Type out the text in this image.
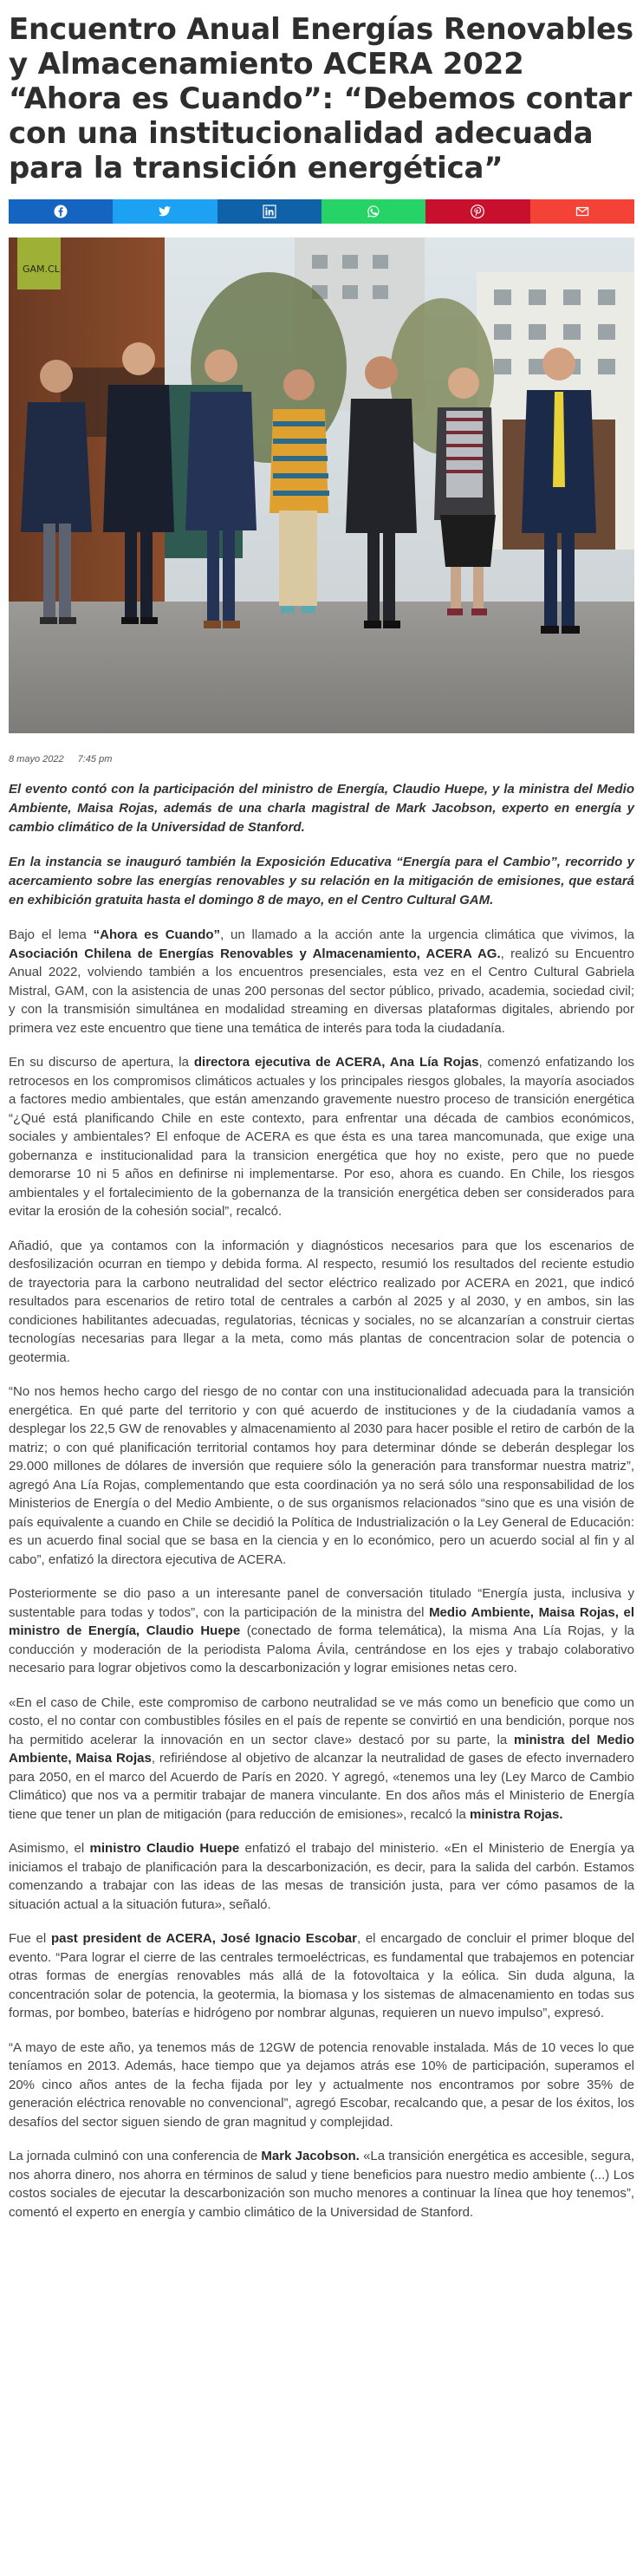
Encuentro Anual Energías Renovables y Almacenamiento ACERA 2022 “Ahora es Cuando”: “Debemos contar con una institucionalidad adecuada para la transición energética”
GAM.CL
8 mayo 2022 7:45 pm

El evento contó con la participación del ministro de Energía, Claudio Huepe, y la ministra del Medio Ambiente, Maisa Rojas, además de una charla magistral de Mark Jacobson, experto en energía y cambio climático de la Universidad de Stanford.

En la instancia se inauguró también la Exposición Educativa “Energía para el Cambio”, recorrido y acercamiento sobre las energías renovables y su relación en la mitigación de emisiones, que estará en exhibición gratuita hasta el domingo 8 de mayo, en el Centro Cultural GAM.

Bajo el lema “Ahora es Cuando”, un llamado a la acción ante la urgencia climática que vivimos, la Asociación Chilena de Energías Renovables y Almacenamiento, ACERA AG., realizó su Encuentro Anual 2022, volviendo también a los encuentros presenciales, esta vez en el Centro Cultural Gabriela Mistral, GAM, con la asistencia de unas 200 personas del sector público, privado, academia, sociedad civil; y con la transmisión simultánea en modalidad streaming en diversas plataformas digitales, abriendo por primera vez este encuentro que tiene una temática de interés para toda la ciudadanía.

En su discurso de apertura, la directora ejecutiva de ACERA, Ana Lía Rojas, comenzó enfatizando los retrocesos en los compromisos climáticos actuales y los principales riesgos globales, la mayoría asociados a factores medio ambientales, que están amenzando gravemente nuestro proceso de transición energética “¿Qué está planificando Chile en este contexto, para enfrentar una década de cambios económicos, sociales y ambientales? El enfoque de ACERA es que ésta es una tarea mancomunada, que exige una gobernanza e institucionalidad para la transicion energética que hoy no existe, pero que no puede demorarse 10 ni 5 años en definirse ni implementarse. Por eso, ahora es cuando. En Chile, los riesgos ambientales y el fortalecimiento de la gobernanza de la transición energética deben ser considerados para evitar la erosión de la cohesión social”, recalcó.

Añadió, que ya contamos con la información y diagnósticos necesarios para que los escenarios de desfosilización ocurran en tiempo y debida forma. Al respecto, resumió los resultados del reciente estudio de trayectoria para la carbono neutralidad del sector eléctrico realizado por ACERA en 2021, que indicó resultados para escenarios de retiro total de centrales a carbón al 2025 y al 2030, y en ambos, sin las condiciones habilitantes adecuadas, regulatorias, técnicas y sociales, no se alcanzarían a construir ciertas tecnologías necesarias para llegar a la meta, como más plantas de concentracion solar de potencia o geotermia.

“No nos hemos hecho cargo del riesgo de no contar con una institucionalidad adecuada para la transición energética. En qué parte del territorio y con qué acuerdo de instituciones y de la ciudadanía vamos a desplegar los 22,5 GW de renovables y almacenamiento al 2030 para hacer posible el retiro de carbón de la matriz; o con qué planificación territorial contamos hoy para determinar dónde se deberán desplegar los 29.000 millones de dólares de inversión que requiere sólo la generación para transformar nuestra matriz”, agregó Ana Lía Rojas, complementando que esta coordinación ya no será sólo una responsabilidad de los Ministerios de Energía o del Medio Ambiente, o de sus organismos relacionados “sino que es una visión de país equivalente a cuando en Chile se decidió la Política de Industrialización o la Ley General de Educación: es un acuerdo final social que se basa en la ciencia y en lo económico, pero un acuerdo social al fin y al cabo”, enfatizó la directora ejecutiva de ACERA.

Posteriormente se dio paso a un interesante panel de conversación titulado “Energía justa, inclusiva y sustentable para todas y todos”, con la participación de la ministra del Medio Ambiente, Maisa Rojas, el ministro de Energía, Claudio Huepe (conectado de forma telemática), la misma Ana Lía Rojas, y la conducción y moderación de la periodista Paloma Ávila, centrándose en los ejes y trabajo colaborativo necesario para lograr objetivos como la descarbonización y lograr emisiones netas cero.

«En el caso de Chile, este compromiso de carbono neutralidad se ve más como un beneficio que como un costo, el no contar con combustibles fósiles en el país de repente se convirtió en una bendición, porque nos ha permitido acelerar la innovación en un sector clave» destacó por su parte, la ministra del Medio Ambiente, Maisa Rojas, refiriéndose al objetivo de alcanzar la neutralidad de gases de efecto invernadero para 2050, en el marco del Acuerdo de París en 2020. Y agregó, «tenemos una ley (Ley Marco de Cambio Climático) que nos va a permitir trabajar de manera vinculante. En dos años más el Ministerio de Energía tiene que tener un plan de mitigación (para reducción de emisiones», recalcó la ministra Rojas.

Asimismo, el ministro Claudio Huepe enfatizó el trabajo del ministerio. «En el Ministerio de Energía ya iniciamos el trabajo de planificación para la descarbonización, es decir, para la salida del carbón. Estamos comenzando a trabajar con las ideas de las mesas de transición justa, para ver cómo pasamos de la situación actual a la situación futura», señaló.

Fue el past president de ACERA, José Ignacio Escobar, el encargado de concluir el primer bloque del evento. “Para lograr el cierre de las centrales termoeléctricas, es fundamental que trabajemos en potenciar otras formas de energías renovables más allá de la fotovoltaica y la eólica. Sin duda alguna, la concentración solar de potencia, la geotermia, la biomasa y los sistemas de almacenamiento en todas sus formas, por bombeo, baterías e hidrógeno por nombrar algunas, requieren un nuevo impulso”, expresó.

“A mayo de este año, ya tenemos más de 12GW de potencia renovable instalada. Más de 10 veces lo que teníamos en 2013. Además, hace tiempo que ya dejamos atrás ese 10% de participación, superamos el 20% cinco años antes de la fecha fijada por ley y actualmente nos encontramos por sobre 35% de generación eléctrica renovable no convencional”, agregó Escobar, recalcando que, a pesar de los éxitos, los desafíos del sector siguen siendo de gran magnitud y complejidad.

La jornada culminó con una conferencia de Mark Jacobson. «La transición energética es accesible, segura, nos ahorra dinero, nos ahorra en términos de salud y tiene beneficios para nuestro medio ambiente (...) Los costos sociales de ejecutar la descarbonización son mucho menores a continuar la línea que hoy tenemos”, comentó el experto en energía y cambio climático de la Universidad de Stanford.
